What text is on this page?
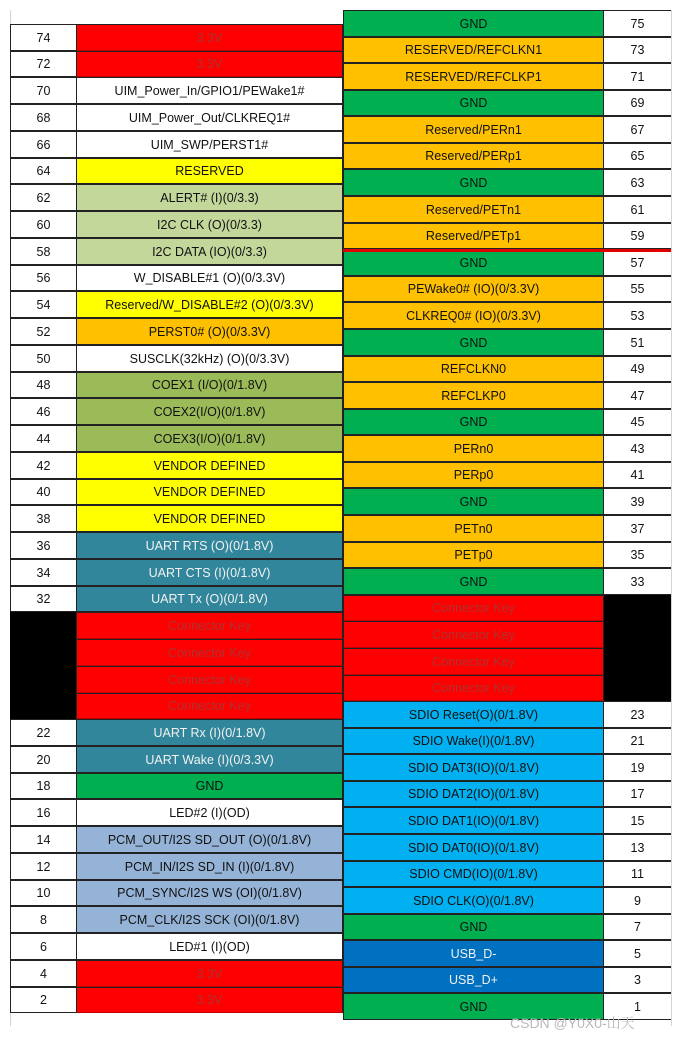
74	3.3V
72	3.3V
70	UIM_Power_In/GPIO1/PEWake1#
68	UIM_Power_Out/CLKREQ1#
66	UIM_SWP/PERST1#
64	RESERVED
62	ALERT# (I)(0/3.3)
60	I2C CLK (O)(0/3.3)
58	I2C DATA (IO)(0/3.3)
56	W_DISABLE#1 (O)(0/3.3V)
54	Reserved/W_DISABLE#2 (O)(0/3.3V)
52	PERST0# (O)(0/3.3V)
50	SUSCLK(32kHz) (O)(0/3.3V)
48	COEX1 (I/O)(0/1.8V)
46	COEX2(I/O)(0/1.8V)
44	COEX3(I/O)(0/1.8V)
42	VENDOR DEFINED
40	VENDOR DEFINED
38	VENDOR DEFINED
36	UART RTS (O)(0/1.8V)
34	UART CTS (I)(0/1.8V)
32	UART Tx (O)(0/1.8V)
Connector Key
Connector Key
Connector Key
Connector Key
22	UART Rx (I)(0/1.8V)
20	UART Wake (I)(0/3.3V)
18	GND
16	LED#2 (I)(OD)
14	PCM_OUT/I2S SD_OUT (O)(0/1.8V)
12	PCM_IN/I2S SD_IN (I)(0/1.8V)
10	PCM_SYNC/I2S WS (OI)(0/1.8V)
8	PCM_CLK/I2S SCK (OI)(0/1.8V)
6	LED#1 (I)(OD)
4	3.3V
2	3.3V
GND	75
RESERVED/REFCLKN1	73
RESERVED/REFCLKP1	71
GND	69
Reserved/PERn1	67
Reserved/PERp1	65
GND	63
Reserved/PETn1	61
Reserved/PETp1	59
GND	57
PEWake0# (IO)(0/3.3V)	55
CLKREQ0# (IO)(0/3.3V)	53
GND	51
REFCLKN0	49
REFCLKP0	47
GND	45
PERn0	43
PERp0	41
GND	39
PETn0	37
PETp0	35
GND	33
Connector Key
Connector Key
Connector Key
Connector Key
SDIO Reset(O)(0/1.8V)	23
SDIO Wake(I)(0/1.8V)	21
SDIO DAT3(IO)(0/1.8V)	19
SDIO DAT2(IO)(0/1.8V)	17
SDIO DAT1(IO)(0/1.8V)	15
SDIO DAT0(IO)(0/1.8V)	13
SDIO CMD(IO)(0/1.8V)	11
SDIO CLK(O)(0/1.8V)	9
GND	7
USB_D-	5
USB_D+	3
GND	1
CSDN @Y0X0-山天
